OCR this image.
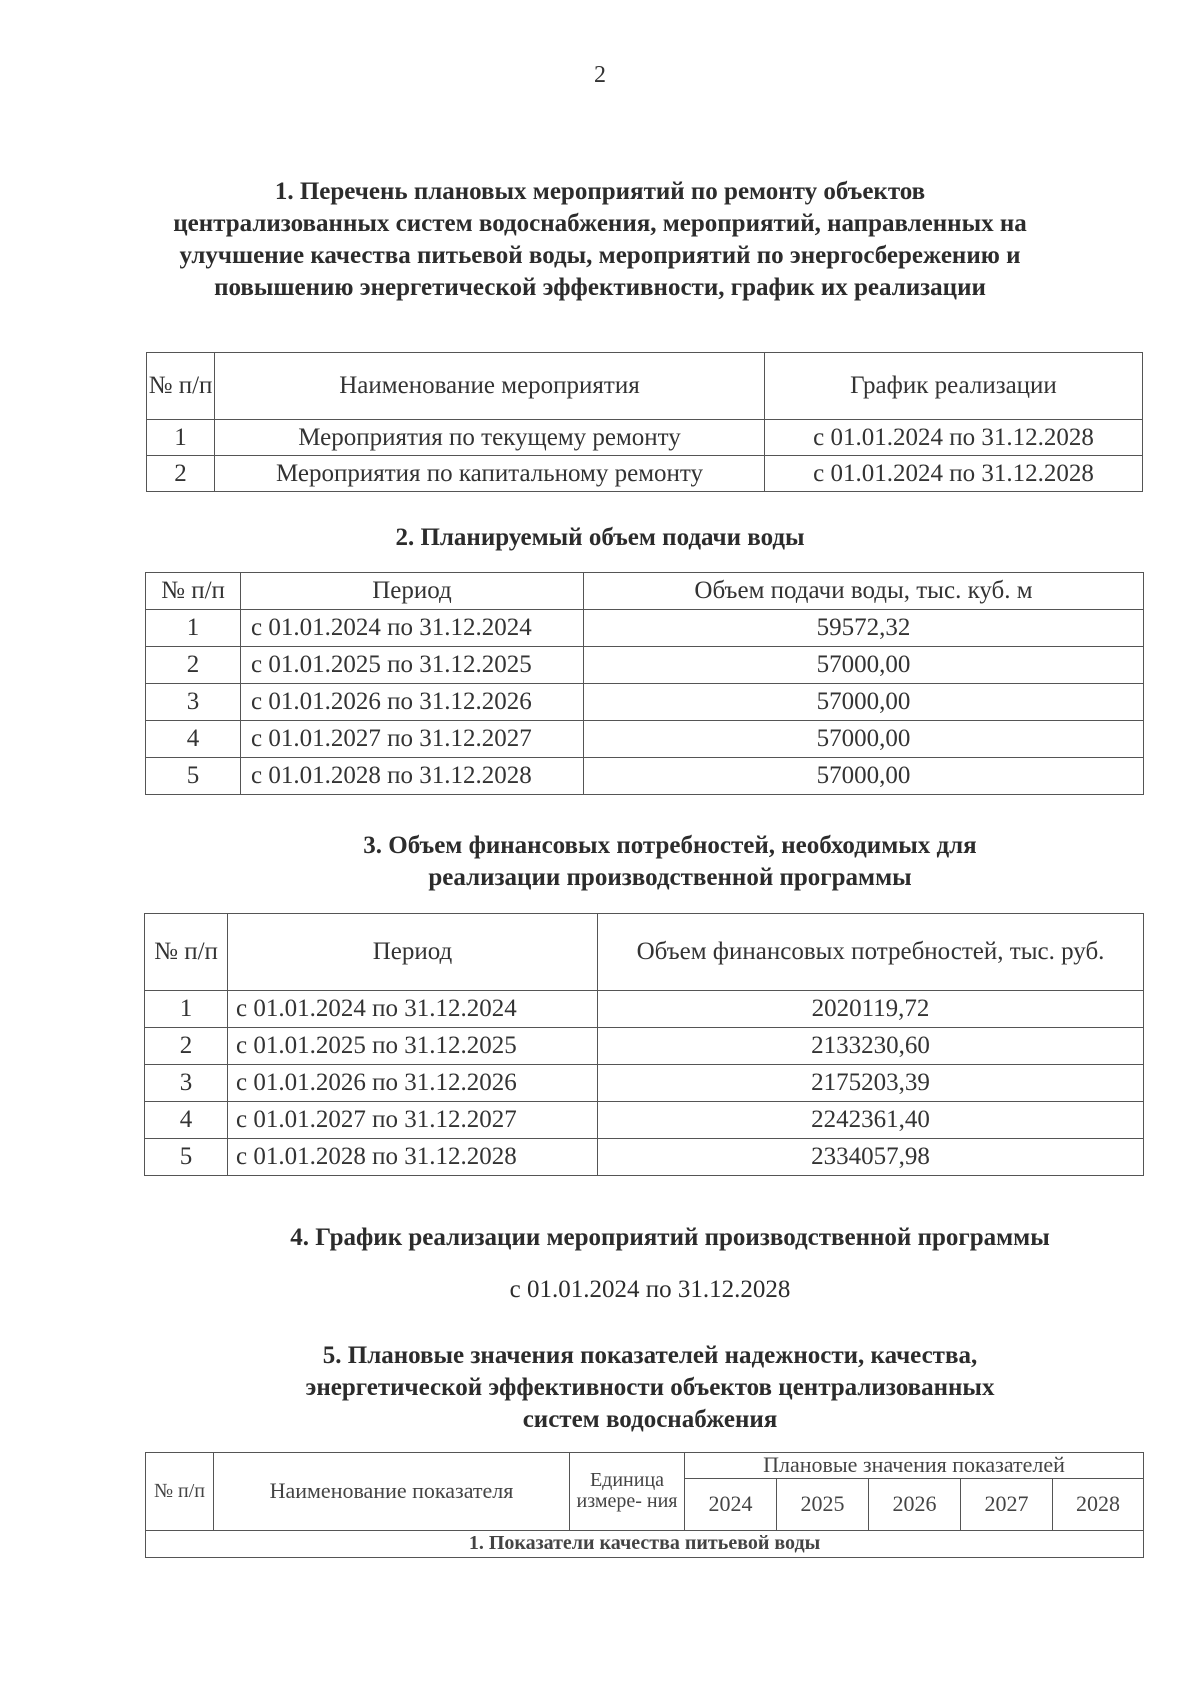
2
1. Перечень плановых мероприятий по ремонту объектов
централизованных систем водоснабжения, мероприятий, направленных на
улучшение качества питьевой воды, мероприятий по энергосбережению и
повышению энергетической эффективности, график их реализации
№ п/п	Наименование мероприятия	График реализации
1	Мероприятия по текущему ремонту	с 01.01.2024 по 31.12.2028
2	Мероприятия по капитальному ремонту	с 01.01.2024 по 31.12.2028
2. Планируемый объем подачи воды
№ п/п	Период	Объем подачи воды, тыс. куб. м
1	с 01.01.2024 по 31.12.2024	59572,32
2	с 01.01.2025 по 31.12.2025	57000,00
3	с 01.01.2026 по 31.12.2026	57000,00
4	с 01.01.2027 по 31.12.2027	57000,00
5	с 01.01.2028 по 31.12.2028	57000,00
3. Объем финансовых потребностей, необходимых для
реализации производственной программы
№ п/п	Период	Объем финансовых потребностей, тыс. руб.
1	с 01.01.2024 по 31.12.2024	2020119,72
2	с 01.01.2025 по 31.12.2025	2133230,60
3	с 01.01.2026 по 31.12.2026	2175203,39
4	с 01.01.2027 по 31.12.2027	2242361,40
5	с 01.01.2028 по 31.12.2028	2334057,98
4. График реализации мероприятий производственной программы
с 01.01.2024 по 31.12.2028
5. Плановые значения показателей надежности, качества,
энергетической эффективности объектов централизованных
систем водоснабжения
№ п/п	Наименование показателя	Единица измере- ния	Плановые значения показателей				
			2024	2025	2026	2027	2028
1. Показатели качества питьевой воды							
